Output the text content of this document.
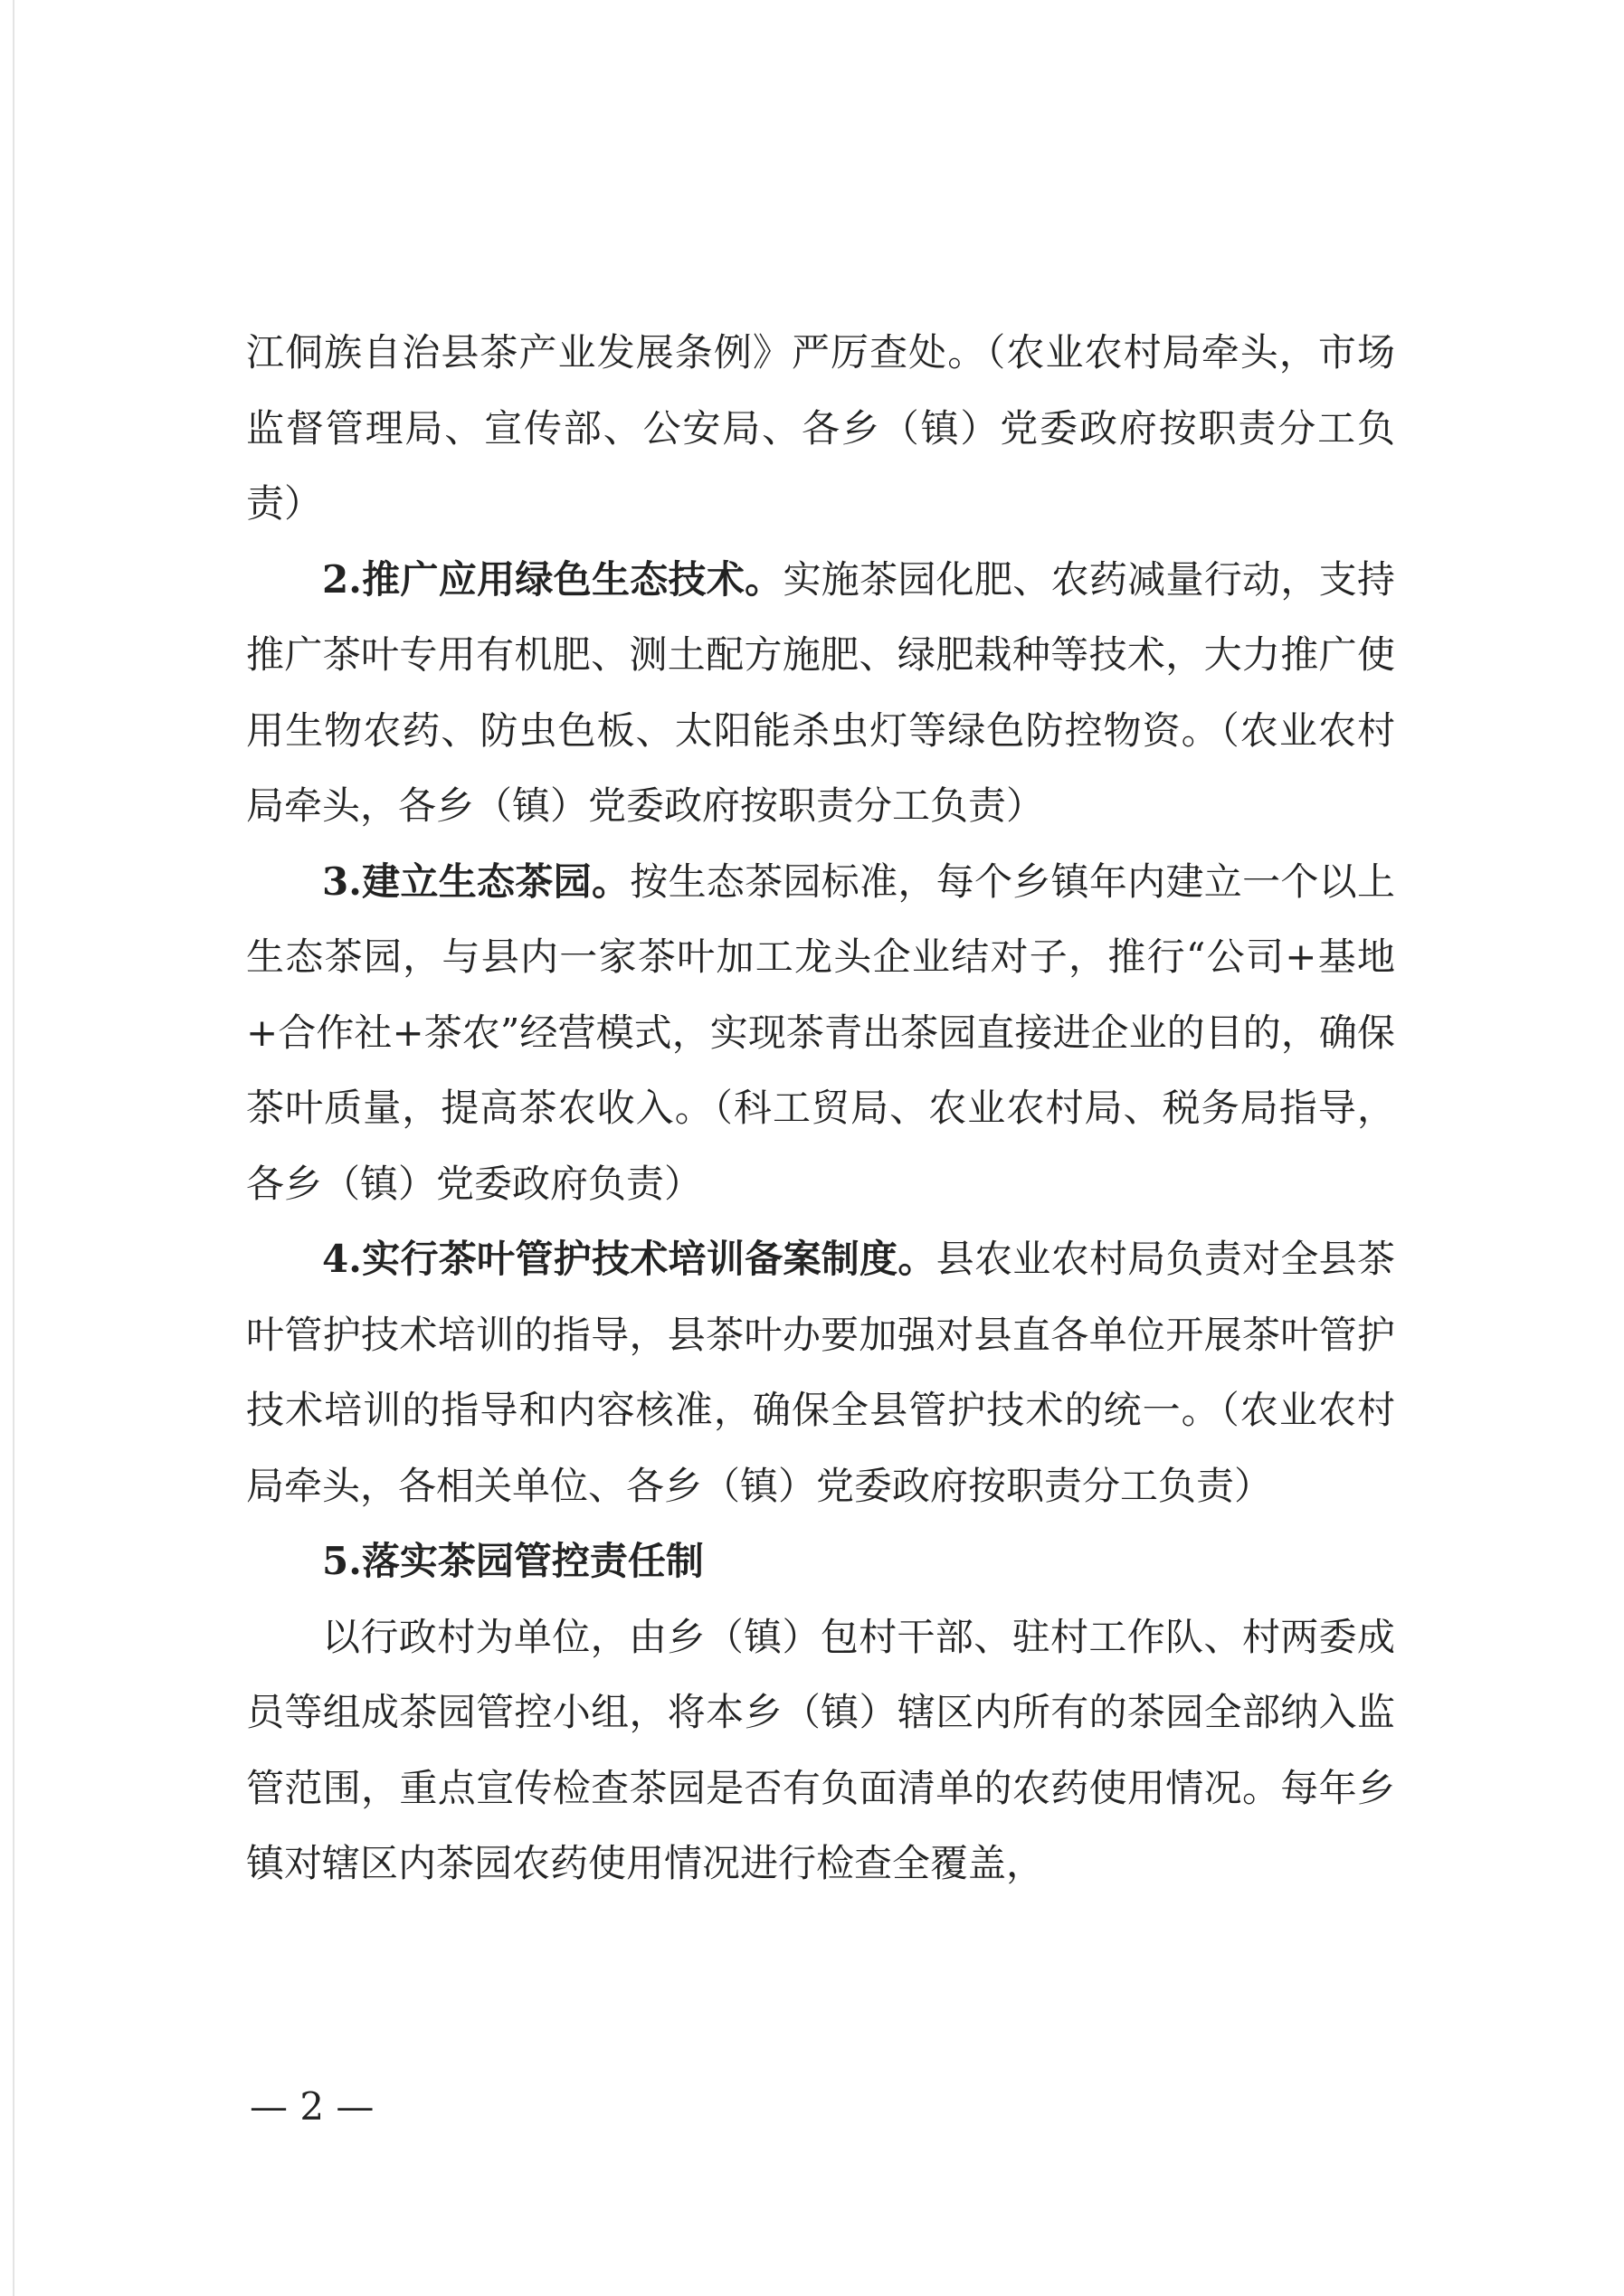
江侗族自治县茶产业发展条例》严厉查处。（农业农村局牵头，市场监督管理局、宣传部、公安局、各乡（镇）党委政府按职责分工负责）

2.推广应用绿色生态技术。实施茶园化肥、农药减量行动，支持推广茶叶专用有机肥、测土配方施肥、绿肥栽种等技术，大力推广使用生物农药、防虫色板、太阳能杀虫灯等绿色防控物资。（农业农村局牵头，各乡（镇）党委政府按职责分工负责）

3.建立生态茶园。按生态茶园标准，每个乡镇年内建立一个以上生态茶园，与县内一家茶叶加工龙头企业结对子，推行“公司+基地+合作社+茶农”经营模式，实现茶青出茶园直接进企业的目的，确保茶叶质量，提高茶农收入。（科工贸局、农业农村局、税务局指导，各乡（镇）党委政府负责）

4.实行茶叶管护技术培训备案制度。县农业农村局负责对全县茶叶管护技术培训的指导，县茶叶办要加强对县直各单位开展茶叶管护技术培训的指导和内容核准，确保全县管护技术的统一。（农业农村局牵头，各相关单位、各乡（镇）党委政府按职责分工负责）

5.落实茶园管控责任制

以行政村为单位，由乡（镇）包村干部、驻村工作队、村两委成员等组成茶园管控小组，将本乡（镇）辖区内所有的茶园全部纳入监管范围，重点宣传检查茶园是否有负面清单的农药使用情况。每年乡镇对辖区内茶园农药使用情况进行检查全覆盖，

— 2 —
